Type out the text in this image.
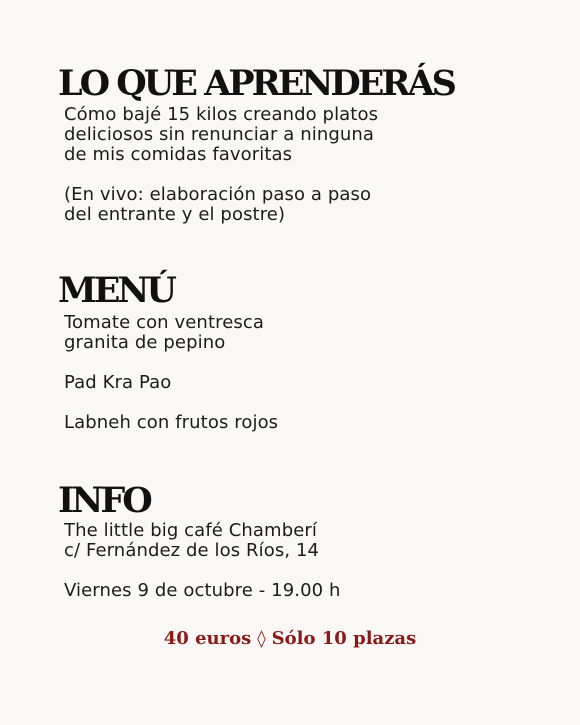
LO QUE APRENDERÁS
Cómo bajé 15 kilos creando platos
deliciosos sin renunciar a ninguna
de mis comidas favoritas
(En vivo: elaboración paso a paso
del entrante y el postre)
MENÚ
Tomate con ventresca
granita de pepino
Pad Kra Pao
Labneh con frutos rojos
INFO
The little big café Chamberí
c/ Fernández de los Ríos, 14
Viernes 9 de octubre - 19.00 h
40 euros ◊ Sólo 10 plazas
